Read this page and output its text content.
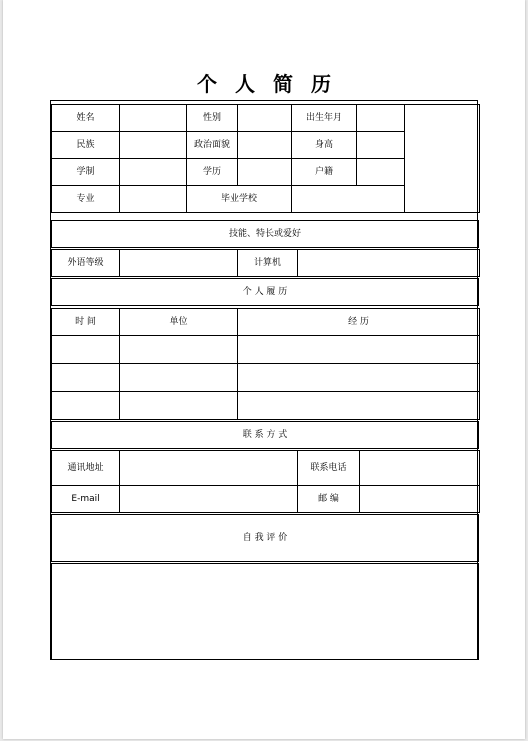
个 人 简 历
姓名		性别		出生年月		
民族		政治面貌		身高		
学制		学历		户籍		
专业		毕业学校				
技能、特长或爱好
外语等级		计算机	
个 人 履 历
时 间	单位	经 历

联 系 方 式
通讯地址		联系电话	
E-mail		邮 编	
自 我 评 价
